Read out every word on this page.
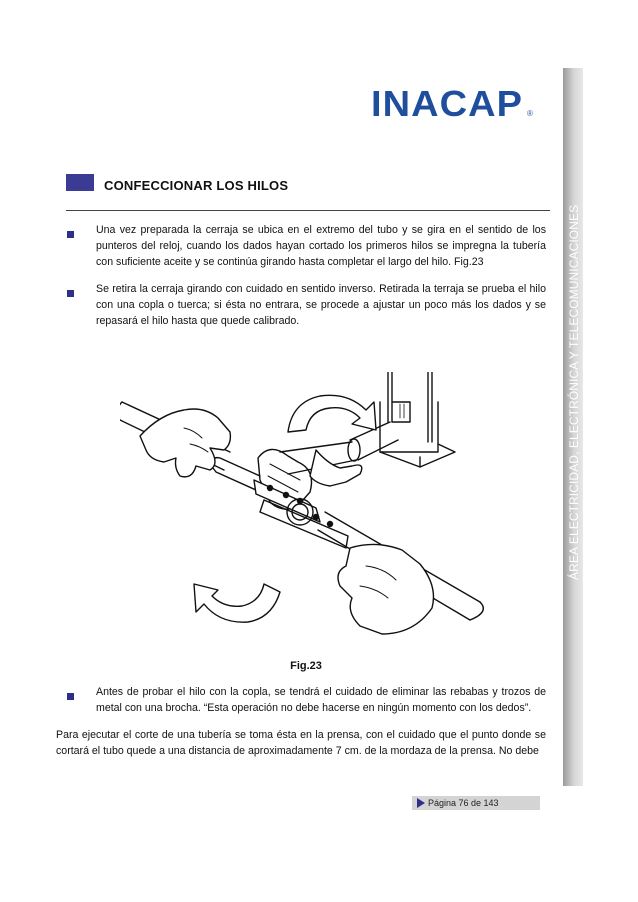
INACAP ®
ÁREA ELECTRICIDAD, ELECTRÓNICA Y TELECOMUNICACIONES
CONFECCIONAR LOS HILOS
Una vez preparada la cerraja se ubica en el extremo del tubo y se gira en el sentido de los punteros del reloj, cuando los dados hayan cortado los primeros hilos se impregna la tubería con suficiente aceite y se continúa girando hasta completar el largo del hilo. Fig.23
Se retira la cerraja girando con cuidado en sentido inverso. Retirada la terraja se prueba el hilo con una copla o tuerca; si ésta no entrara, se procede a ajustar un poco más los dados y se repasará el hilo hasta que quede calibrado.
Fig.23
Antes de probar el hilo con la copla, se tendrá el cuidado de eliminar las rebabas y trozos de metal con una brocha. “Esta operación no debe hacerse en ningún momento con los dedos”.
Para ejecutar el corte de una tubería se toma ésta en la prensa, con el cuidado que el punto donde se cortará el tubo quede a una distancia de aproximadamente 7 cm. de la mordaza de la prensa. No debe
Página 76 de 143
